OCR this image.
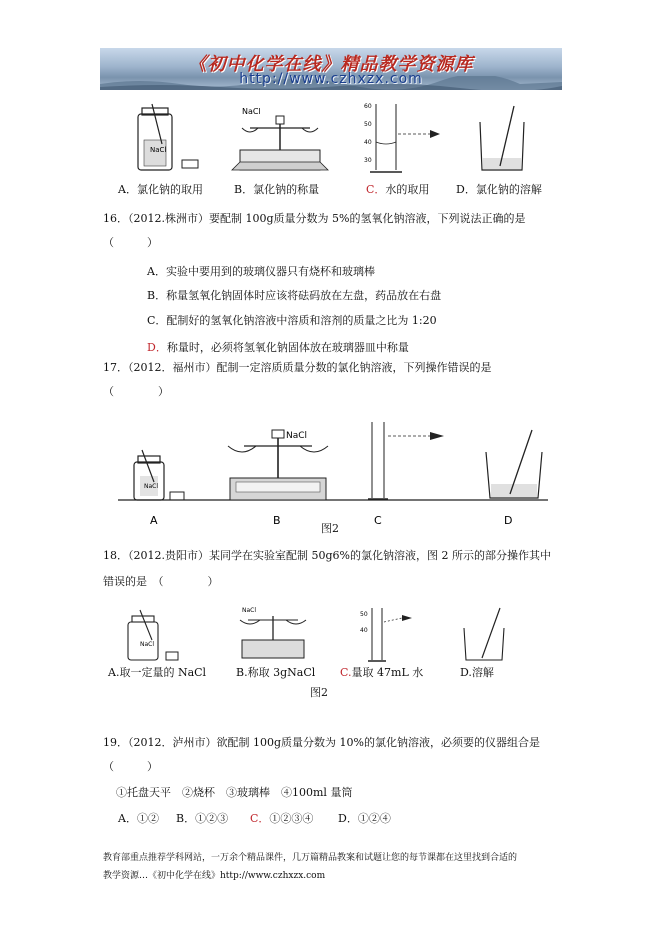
《初中化学在线》精品教学资源库
http://www.czhxzx.com
NaCl
NaCl
60
50
40
30
A．氯化钠的取用	B．氯化钠的称量	C．水的取用 D．氯化钠的溶解
16．（2012.株洲市）要配制 100g质量分数为 5%的氢氧化钠溶液，下列说法正确的是
（　　　）
A．实验中要用到的玻璃仪器只有烧杯和玻璃棒
B．称量氢氧化钠固体时应该将砝码放在左盘，药品放在右盘
C．配制好的氢氧化钠溶液中溶质和溶剂的质量之比为 1:20
D．称量时，必须将氢氧化钠固体放在玻璃器皿中称量
17．（2012．福州市）配制一定溶质质量分数的氯化钠溶液，下列操作错误的是
（　　　　）
NaCl
NaCl
A	B	C	D
图2
18．（2012.贵阳市）某同学在实验室配制 50g6%的氯化钠溶液，图 2 所示的部分操作其中
错误的是　（　　　　）
NaCl
NaCl
50
40
A.取一定量的 NaCl	B.称取 3gNaCl C.量取 47mL 水	D.溶解
图2
19．（2012．泸州市）欲配制 100g质量分数为 10%的氯化钠溶液，必须要的仪器组合是
（　　　）
①托盘天平　②烧杯　③玻璃棒　④100ml 量筒
A．①② B．①②③ C．①②③④ D．①②④
教育部重点推荐学科网站，一万余个精品课件，几万篇精品教案和试题让您的每节课都在这里找到合适的
教学资源…《初中化学在线》http://www.czhxzx.com
